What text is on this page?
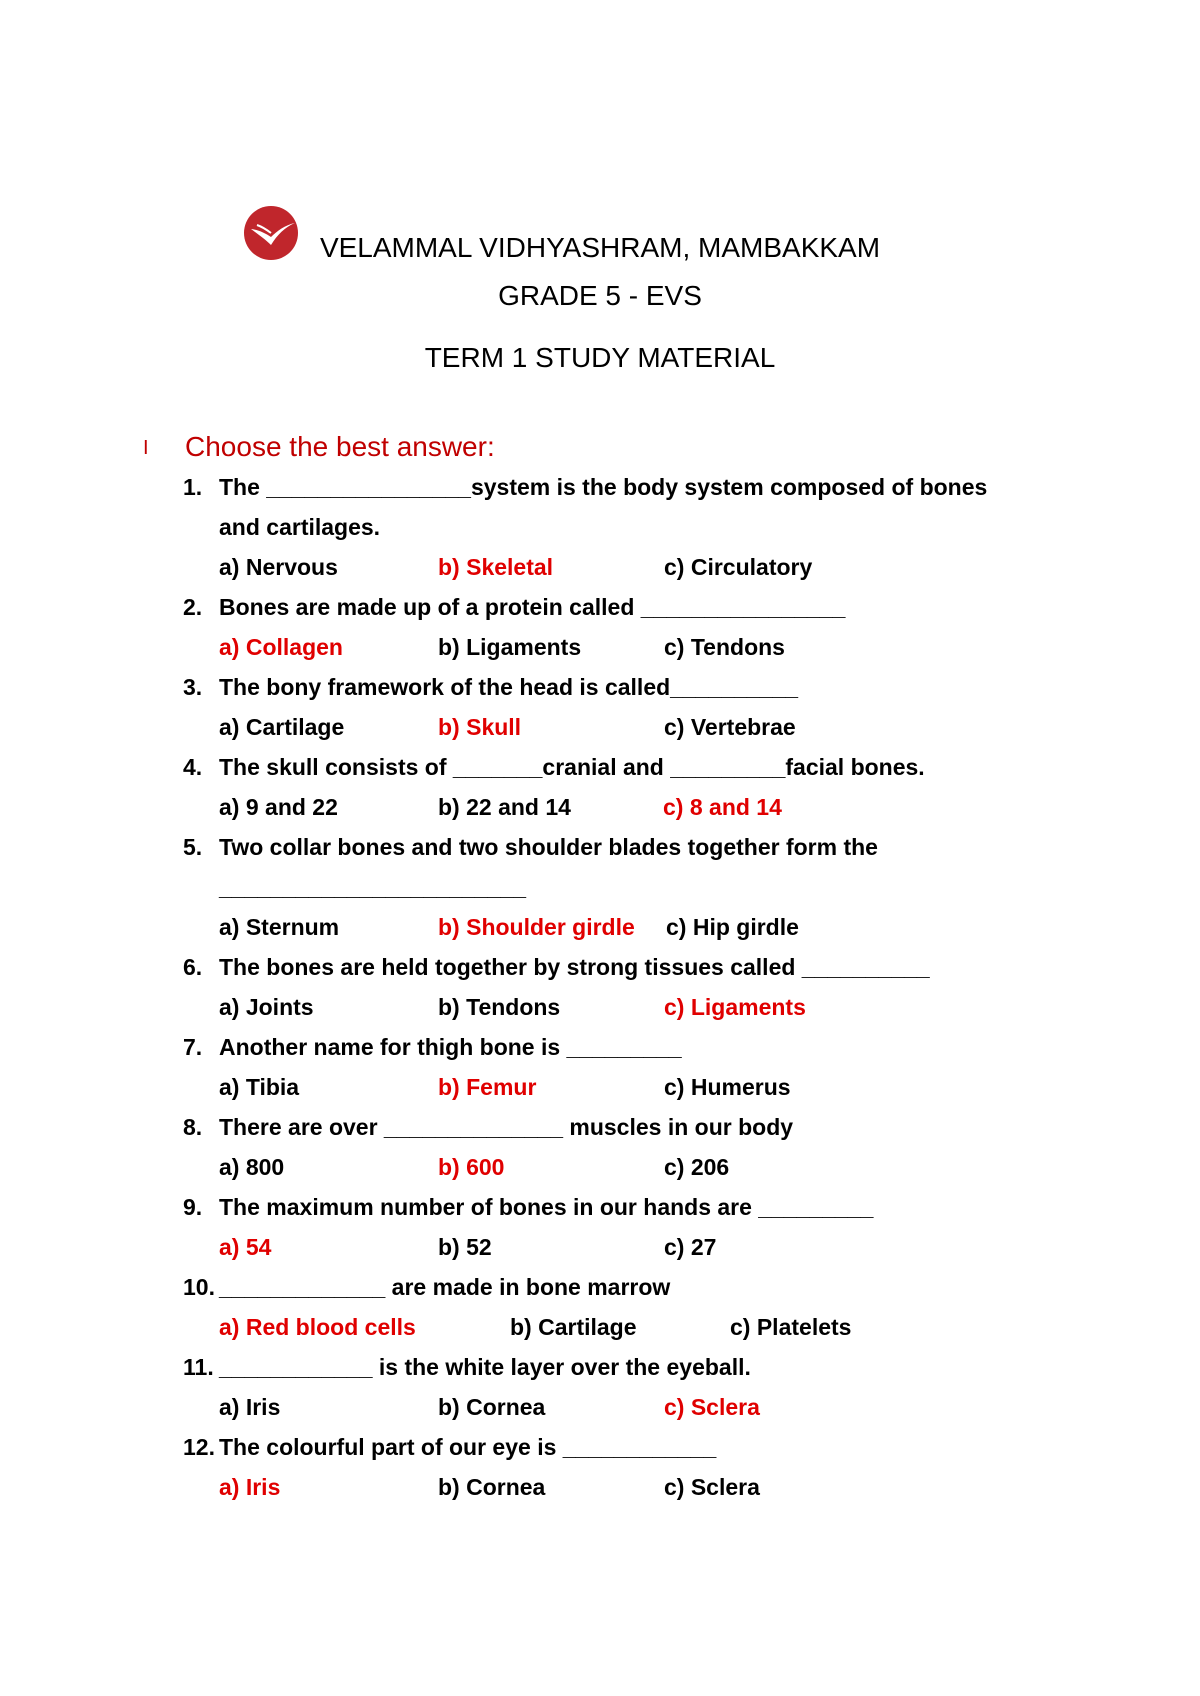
VELAMMAL VIDHYASHRAM, MAMBAKKAM
GRADE 5 - EVS
TERM 1 STUDY MATERIAL
I Choose the best answer:
1. The ________________system is the body system composed of bones
and cartilages.
a) Nervous	b) Skeletal	c) Circulatory
2. Bones are made up of a protein called ________________
a) Collagen	b) Ligaments	c) Tendons
3. The bony framework of the head is called__________
a) Cartilage	b) Skull	c) Vertebrae
4. The skull consists of _______cranial and _________facial bones.
a) 9 and 22	b) 22 and 14	c) 8 and 14
5. Two collar bones and two shoulder blades together form the
________________________
a) Sternum	b) Shoulder girdle c) Hip girdle
6. The bones are held together by strong tissues called __________
a) Joints	b) Tendons	c) Ligaments
7. Another name for thigh bone is _________
a) Tibia	b) Femur	c) Humerus
8. There are over ______________ muscles in our body
a) 800	b) 600	c) 206
9. The maximum number of bones in our hands are _________
a) 54	b) 52	c) 27
10. _____________ are made in bone marrow
a) Red blood cells	b) Cartilage	c) Platelets
11. ____________ is the white layer over the eyeball.
a) Iris	b) Cornea	c) Sclera
12. The colourful part of our eye is ____________
a) Iris	b) Cornea	c) Sclera
